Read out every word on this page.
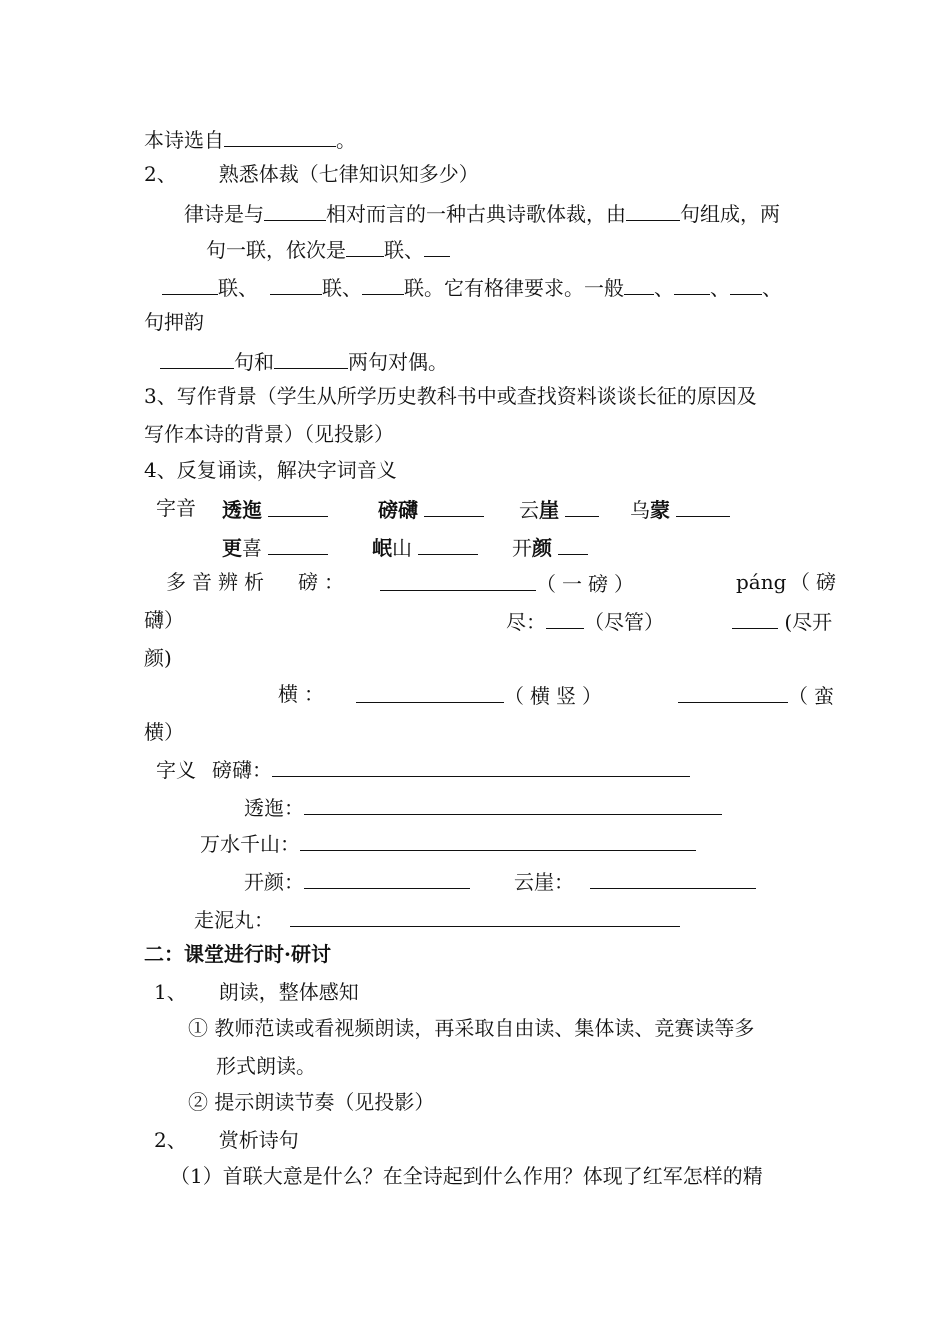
本诗选自	。
2、 熟悉体裁（七律知识知多少）
律诗是与	相对而言的一种古典诗歌体裁，由	句组成，两
句一联，依次是 联、
联、	联、 联。它有格律要求。一般 、 、 、
句押韵
句和	两句对偶。
3、写作背景（学生从所学历史教科书中或查找资料谈谈长征的原因及
写作本诗的背景）（见投影）
4、反复诵读，解决字词音义
字音 透迤	磅礴	云崖	乌蒙
更喜	岷山	开颜
多音辨析 磅：	（一磅）	páng （磅
礴）	尽： （尽管）	(尽开
颜)
横：	（横竖）	（蛮
横）
字义 磅礴：
透迤：
万水千山：
开颜：	云崖：
走泥丸：
二：课堂进行时·研讨
1、 朗读，整体感知
① 教师范读或看视频朗读，再采取自由读、集体读、竞赛读等多
形式朗读。
② 提示朗读节奏（见投影）
2、 赏析诗句
（1）首联大意是什么？在全诗起到什么作用？体现了红军怎样的精
